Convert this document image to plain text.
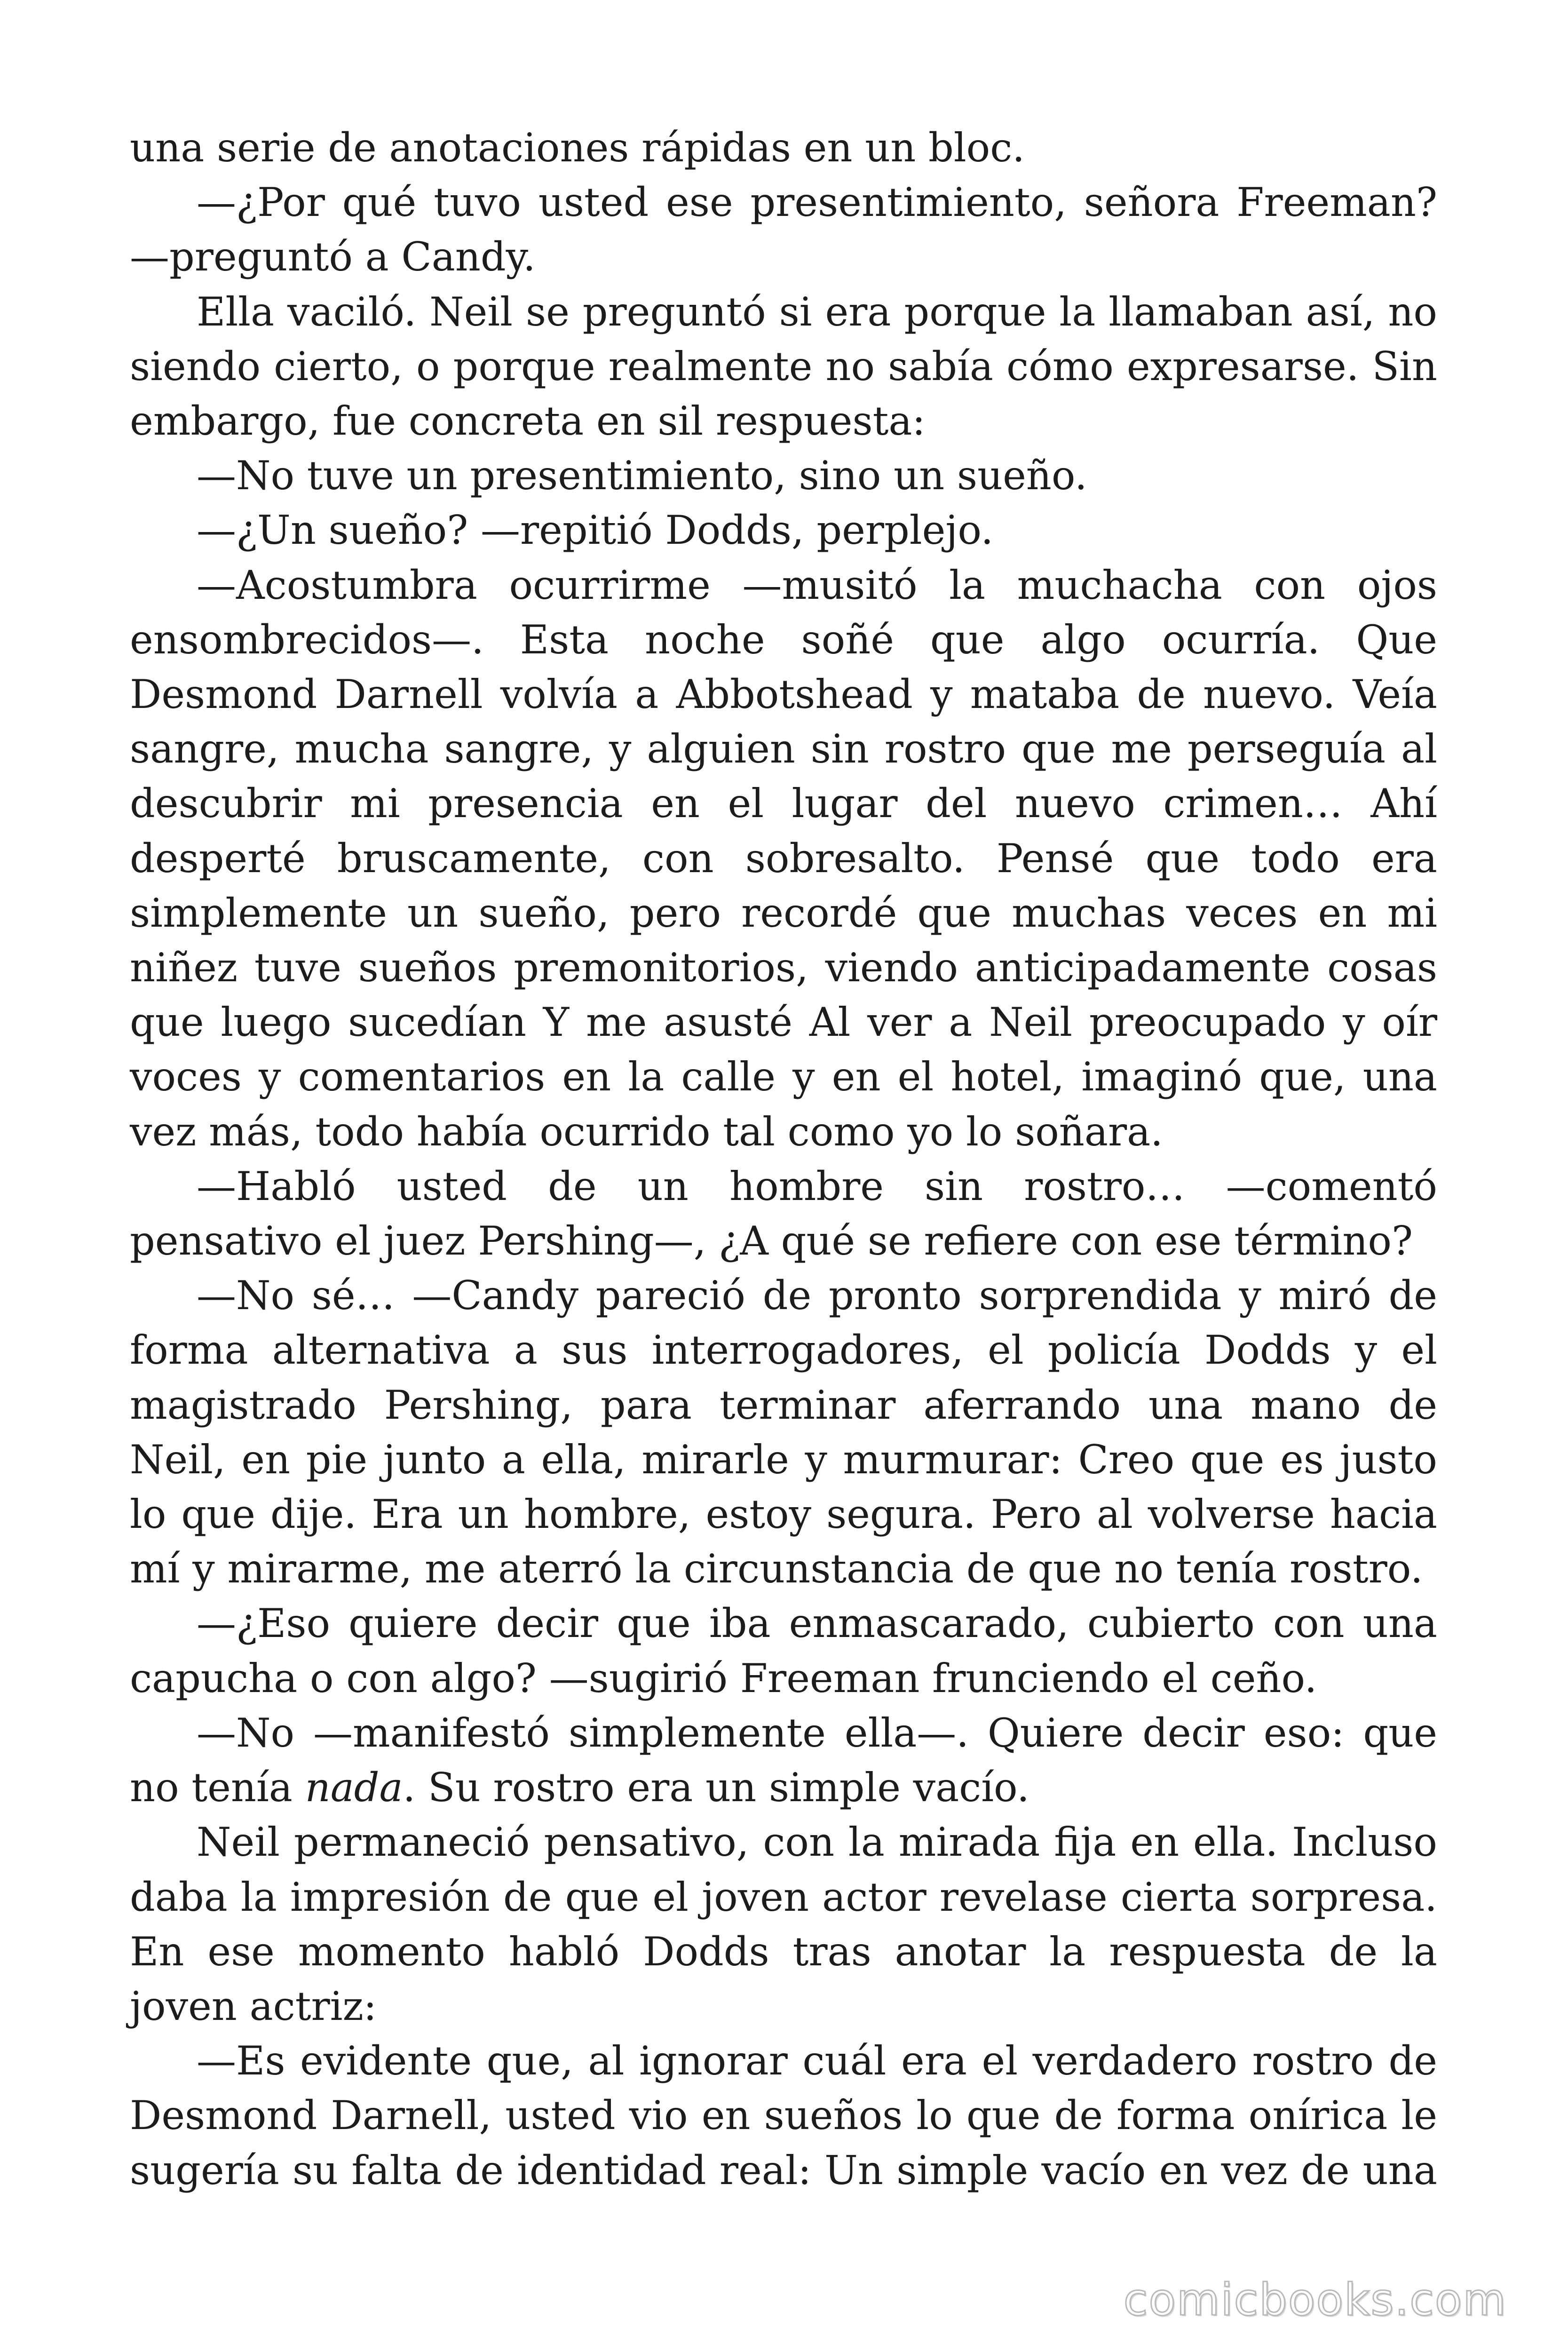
una serie de anotaciones rápidas en un bloc.

—¿Por qué tuvo usted ese presentimiento, señora Freeman? —preguntó a Candy.

Ella vaciló. Neil se preguntó si era porque la llamaban así, no siendo cierto, o porque realmente no sabía cómo expresarse. Sin embargo, fue concreta en sil respuesta:

—No tuve un presentimiento, sino un sueño.

—¿Un sueño? —repitió Dodds, perplejo.

—Acostumbra ocurrirme —musitó la muchacha con ojos ensombrecidos—. Esta noche soñé que algo ocurría. Que Desmond Darnell volvía a Abbotshead y mataba de nuevo. Veía sangre, mucha sangre, y alguien sin rostro que me perseguía al descubrir mi presencia en el lugar del nuevo crimen… Ahí desperté bruscamente, con sobresalto. Pensé que todo era simplemente un sueño, pero recordé que muchas veces en mi niñez tuve sueños premonitorios, viendo anticipadamente cosas que luego sucedían Y me asusté Al ver a Neil preocupado y oír voces y comentarios en la calle y en el hotel, imaginó que, una vez más, todo había ocurrido tal como yo lo soñara.

—Habló usted de un hombre sin rostro… —comentó pensativo el juez Pershing—, ¿A qué se refiere con ese término?

—No sé… —Candy pareció de pronto sorprendida y miró de forma alternativa a sus interrogadores, el policía Dodds y el magistrado Pershing, para terminar aferrando una mano de Neil, en pie junto a ella, mirarle y murmurar: Creo que es justo lo que dije. Era un hombre, estoy segura. Pero al volverse hacia mí y mirarme, me aterró la circunstancia de que no tenía rostro.

—¿Eso quiere decir que iba enmascarado, cubierto con una capucha o con algo? —sugirió Freeman frunciendo el ceño.

—No —manifestó simplemente ella—. Quiere decir eso: que no tenía nada. Su rostro era un simple vacío.

Neil permaneció pensativo, con la mirada fija en ella. Incluso daba la impresión de que el joven actor revelase cierta sorpresa. En ese momento habló Dodds tras anotar la respuesta de la joven actriz:

—Es evidente que, al ignorar cuál era el verdadero rostro de Desmond Darnell, usted vio en sueños lo que de forma onírica le sugería su falta de identidad real: Un simple vacío en vez de una

comicbooks.com
